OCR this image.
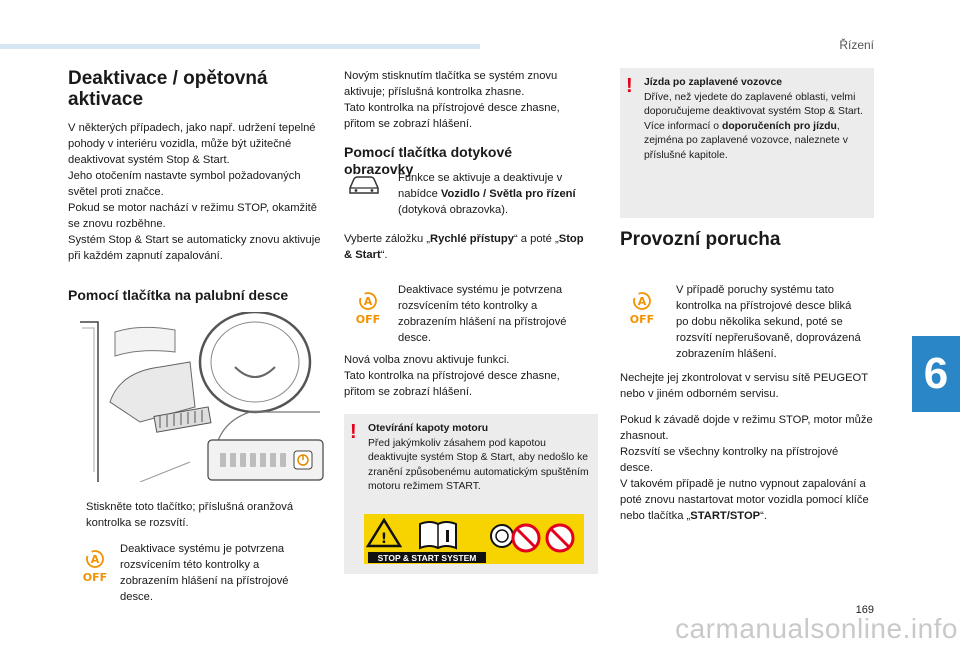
Řízení
6
169
carmanualsonline.info
Deaktivace / opětovná aktivace

V některých případech, jako např. udržení tepelné pohody v interiéru vozidla, může být užitečné deaktivovat systém Stop & Start.

Jeho otočením nastavte symbol požadovaných světel proti značce.

Pokud se motor nachází v režimu STOP, okamžitě se znovu rozběhne.

Systém Stop & Start se automaticky znovu aktivuje při každém zapnutí zapalování.

Pomocí tlačítka na palubní desce
Stiskněte toto tlačítko; příslušná oranžová kontrolka se rozsvítí.
A
OFF
Deaktivace systému je potvrzena rozsvícením této kontrolky a zobrazením hlášení na přístrojové desce.

Novým stisknutím tlačítka se systém znovu aktivuje; příslušná kontrolka zhasne.

Tato kontrolka na přístrojové desce zhasne, přitom se zobrazí hlášení.

Pomocí tlačítka dotykové obrazovky
Funkce se aktivuje a deaktivuje v nabídce Vozidlo / Světla pro řízení (dotyková obrazovka).
Vyberte záložku „Rychlé přístupy“ a poté „Stop & Start“.
A
OFF
Deaktivace systému je potvrzena rozsvícením této kontrolky a zobrazením hlášení na přístrojové desce.

Nová volba znovu aktivuje funkci.

Tato kontrolka na přístrojové desce zhasne, přitom se zobrazí hlášení.

! Otevírání kapoty motoru
Před jakýmkoliv zásahem pod kapotou deaktivujte systém Stop & Start, aby nedošlo ke zranění způsobenému automatickým spuštěním motoru režimem START.
!
STOP & START SYSTEM
! Jízda po zaplavené vozovce
Dříve, než vjedete do zaplavené oblasti, velmi doporučujeme deaktivovat systém Stop & Start.
Více informací o doporučeních pro jízdu, zejména po zaplavené vozovce, naleznete v příslušné kapitole.
Provozní porucha
A
OFF
V případě poruchy systému tato kontrolka na přístrojové desce bliká po dobu několika sekund, poté se rozsvítí nepřerušovaně, doprovázená zobrazením hlášení.

Nechejte jej zkontrolovat v servisu sítě PEUGEOT nebo v jiném odborném servisu.

Pokud k závadě dojde v režimu STOP, motor může zhasnout.

Rozsvítí se všechny kontrolky na přístrojové desce.

V takovém případě je nutno vypnout zapalování a poté znovu nastartovat motor vozidla pomocí klíče nebo tlačítka „START/STOP“.
